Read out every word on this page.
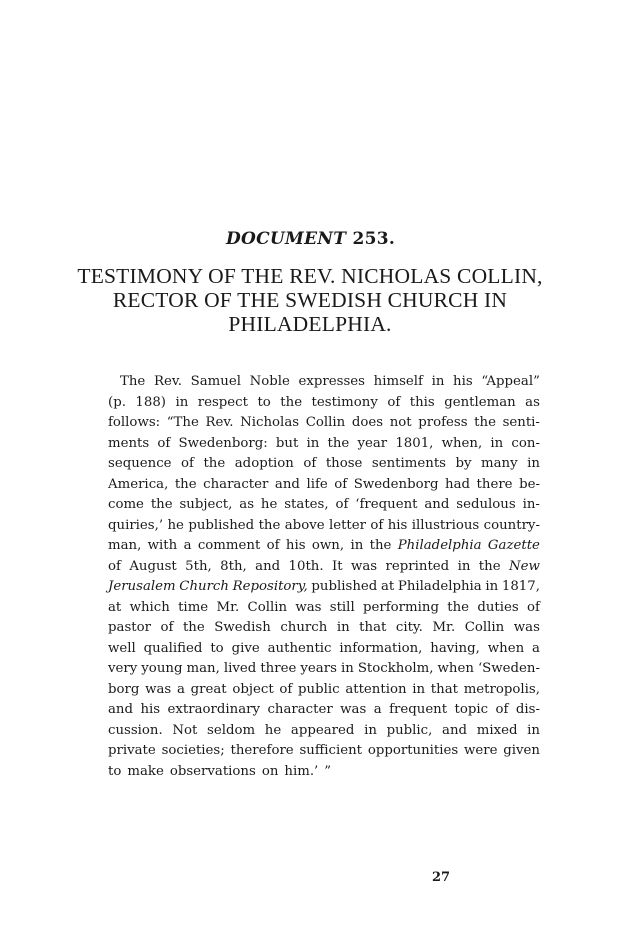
DOCUMENT 253.
TESTIMONY OF THE REV. NICHOLAS COLLIN,
RECTOR OF THE SWEDISH CHURCH IN
PHILADELPHIA.
The Rev. Samuel Noble expresses himself in his “Appeal”
(p. 188) in respect to the testimony of this gentleman as
follows: “The Rev. Nicholas Collin does not profess the senti-
ments of Swedenborg: but in the year 1801, when, in con-
sequence of the adoption of those sentiments by many in
America, the character and life of Swedenborg had there be-
come the subject, as he states, of ‘frequent and sedulous in-
quiries,’ he published the above letter of his illustrious country-
man, with a comment of his own, in the Philadelphia Gazette
of August 5th, 8th, and 10th. It was reprinted in the New
Jerusalem Church Repository, published at Philadelphia in 1817,
at which time Mr. Collin was still performing the duties of
pastor of the Swedish church in that city. Mr. Collin was
well qualified to give authentic information, having, when a
very young man, lived three years in Stockholm, when ‘Sweden-
borg was a great object of public attention in that metropolis,
and his extraordinary character was a frequent topic of dis-
cussion. Not seldom he appeared in public, and mixed in
private societies; therefore sufficient opportunities were given
to make observations on him.’ ”
27
